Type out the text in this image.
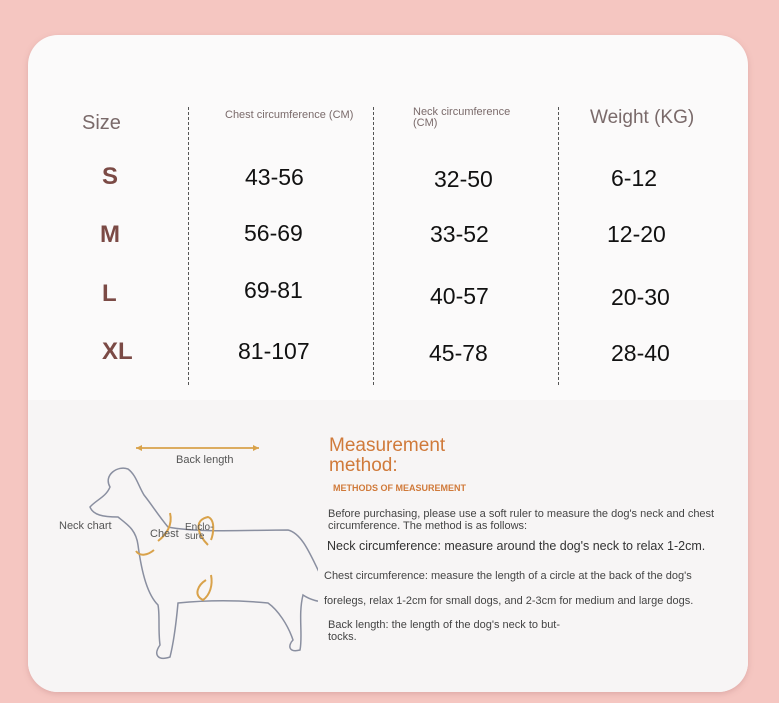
Size	Chest circumference (CM)	Neck circumference (CM)	Weight (KG)
S	43-56	32-50	6-12
M	56-69	33-52	12-20
L	69-81	40-57	20-30
XL	81-107	45-78	28-40
Back length
Neck chart
Chest
Enclo-
sure
Measurement
method:
METHODS OF MEASUREMENT
Before purchasing, please use a soft ruler to measure the dog's neck and chest
circumference. The method is as follows:
Neck circumference: measure around the dog's neck to relax 1-2cm.
Chest circumference: measure the length of a circle at the back of the dog's
forelegs, relax 1-2cm for small dogs, and 2-3cm for medium and large dogs.
Back length: the length of the dog's neck to but-
tocks.
